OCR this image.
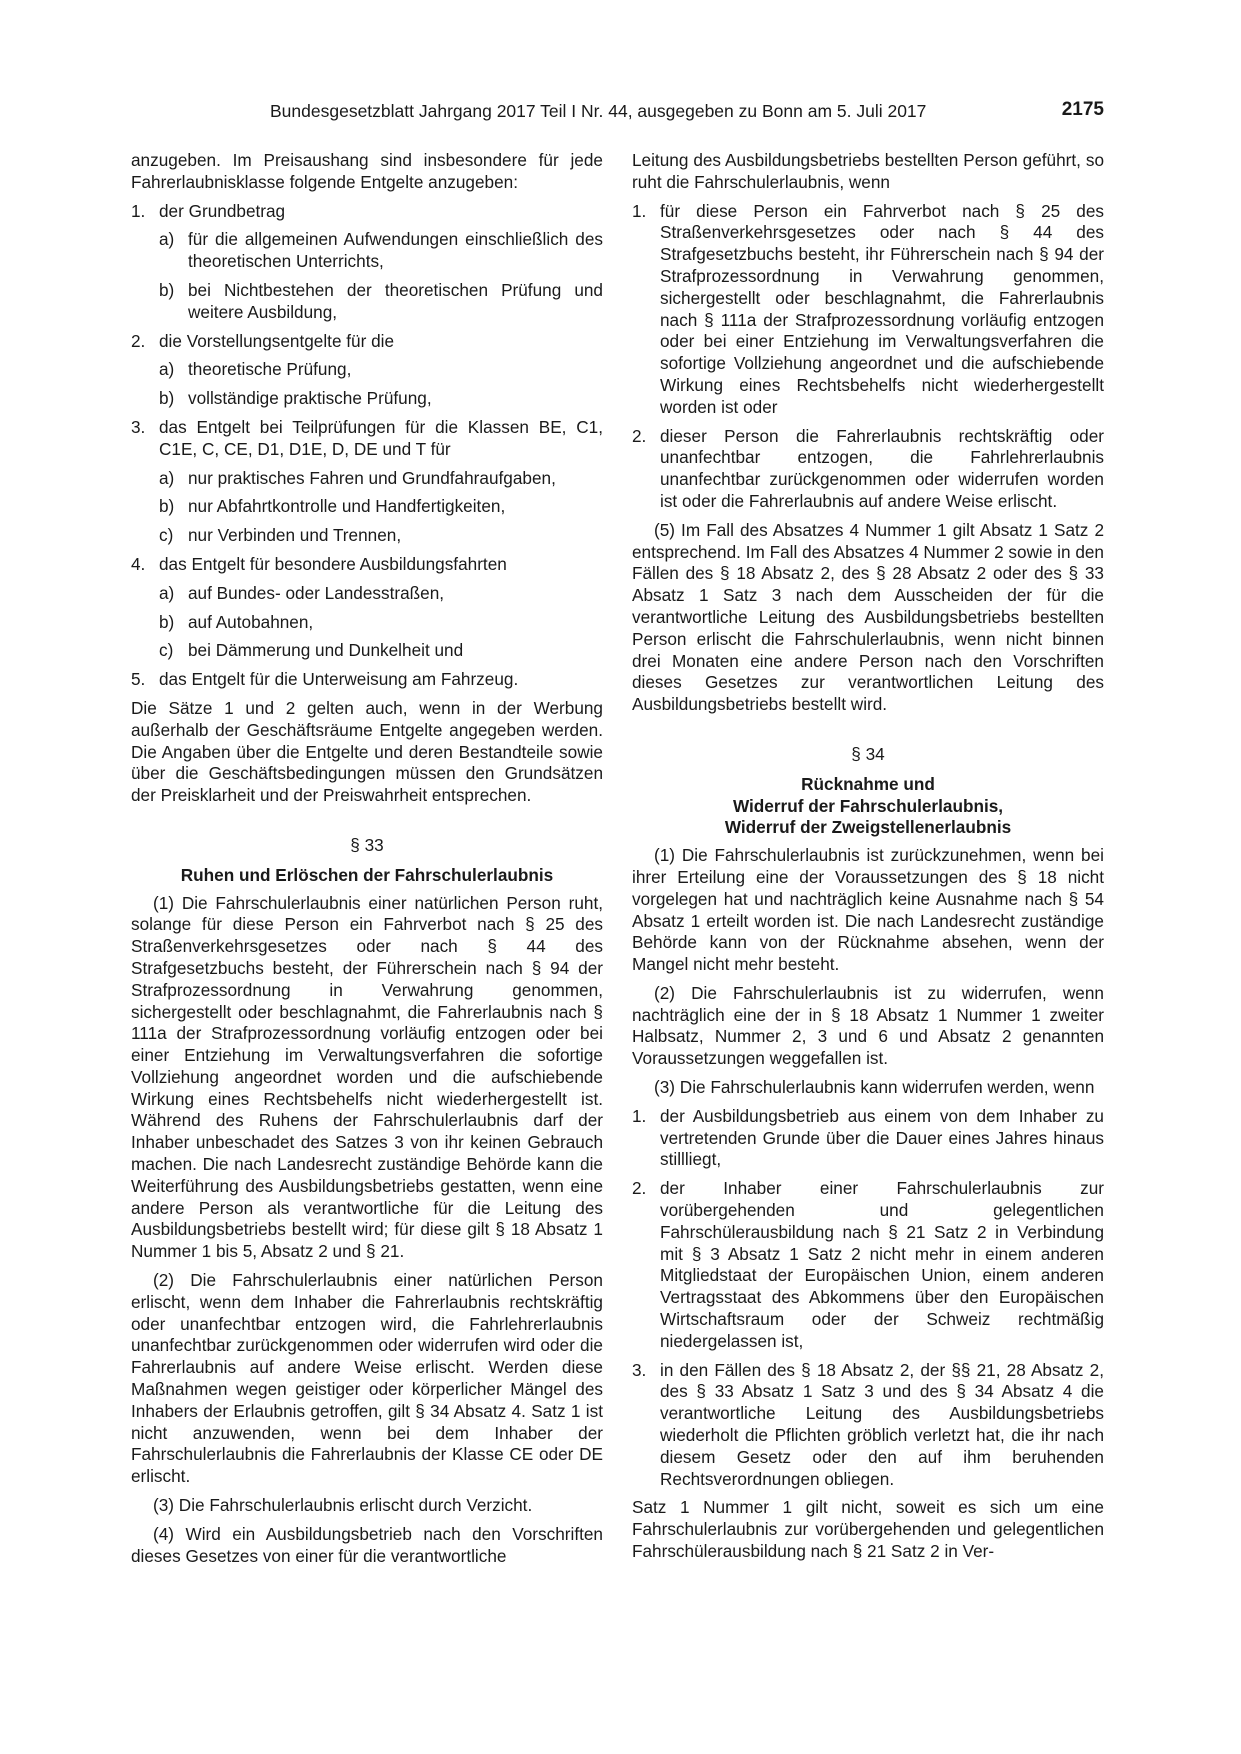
Bundesgesetzblatt Jahrgang 2017 Teil I Nr. 44, ausgegeben zu Bonn am 5. Juli 2017	2175

anzugeben. Im Preisaushang sind insbesondere für jede Fahrerlaubnisklasse folgende Entgelte anzugeben:

1. der Grundbetrag
a) für die allgemeinen Aufwendungen einschließlich des theoretischen Unterrichts,
b) bei Nichtbestehen der theoretischen Prüfung und weitere Ausbildung,
2. die Vorstellungsentgelte für die
a) theoretische Prüfung,
b) vollständige praktische Prüfung,
3. das Entgelt bei Teilprüfungen für die Klassen BE, C1, C1E, C, CE, D1, D1E, D, DE und T für
a) nur praktisches Fahren und Grundfahraufgaben,
b) nur Abfahrtkontrolle und Handfertigkeiten,
c) nur Verbinden und Trennen,
4. das Entgelt für besondere Ausbildungsfahrten
a) auf Bundes- oder Landesstraßen,
b) auf Autobahnen,
c) bei Dämmerung und Dunkelheit und
5. das Entgelt für die Unterweisung am Fahrzeug.

Die Sätze 1 und 2 gelten auch, wenn in der Werbung außerhalb der Geschäftsräume Entgelte angegeben werden. Die Angaben über die Entgelte und deren Bestandteile sowie über die Geschäftsbedingungen müssen den Grundsätzen der Preisklarheit und der Preiswahrheit entsprechen.

§ 33
Ruhen und Erlöschen der Fahrschulerlaubnis

(1) Die Fahrschulerlaubnis einer natürlichen Person ruht, solange für diese Person ein Fahrverbot nach § 25 des Straßenverkehrsgesetzes oder nach § 44 des Strafgesetzbuchs besteht, der Führerschein nach § 94 der Strafprozessordnung in Verwahrung genommen, sichergestellt oder beschlagnahmt, die Fahrerlaubnis nach § 111a der Strafprozessordnung vorläufig entzogen oder bei einer Entziehung im Verwaltungsverfahren die sofortige Vollziehung angeordnet worden und die aufschiebende Wirkung eines Rechtsbehelfs nicht wiederhergestellt ist. Während des Ruhens der Fahrschulerlaubnis darf der Inhaber unbeschadet des Satzes 3 von ihr keinen Gebrauch machen. Die nach Landesrecht zuständige Behörde kann die Weiterführung des Ausbildungsbetriebs gestatten, wenn eine andere Person als verantwortliche für die Leitung des Ausbildungsbetriebs bestellt wird; für diese gilt § 18 Absatz 1 Nummer 1 bis 5, Absatz 2 und § 21.

(2) Die Fahrschulerlaubnis einer natürlichen Person erlischt, wenn dem Inhaber die Fahrerlaubnis rechtskräftig oder unanfechtbar entzogen wird, die Fahrlehrerlaubnis unanfechtbar zurückgenommen oder widerrufen wird oder die Fahrerlaubnis auf andere Weise erlischt. Werden diese Maßnahmen wegen geistiger oder körperlicher Mängel des Inhabers der Erlaubnis getroffen, gilt § 34 Absatz 4. Satz 1 ist nicht anzuwenden, wenn bei dem Inhaber der Fahrschulerlaubnis die Fahrerlaubnis der Klasse CE oder DE erlischt.

(3) Die Fahrschulerlaubnis erlischt durch Verzicht.

(4) Wird ein Ausbildungsbetrieb nach den Vorschriften dieses Gesetzes von einer für die verantwortliche

Leitung des Ausbildungsbetriebs bestellten Person geführt, so ruht die Fahrschulerlaubnis, wenn

1. für diese Person ein Fahrverbot nach § 25 des Straßenverkehrsgesetzes oder nach § 44 des Strafgesetzbuchs besteht, ihr Führerschein nach § 94 der Strafprozessordnung in Verwahrung genommen, sichergestellt oder beschlagnahmt, die Fahrerlaubnis nach § 111a der Strafprozessordnung vorläufig entzogen oder bei einer Entziehung im Verwaltungsverfahren die sofortige Vollziehung angeordnet und die aufschiebende Wirkung eines Rechtsbehelfs nicht wiederhergestellt worden ist oder
2. dieser Person die Fahrerlaubnis rechtskräftig oder unanfechtbar entzogen, die Fahrlehrerlaubnis unanfechtbar zurückgenommen oder widerrufen worden ist oder die Fahrerlaubnis auf andere Weise erlischt.

(5) Im Fall des Absatzes 4 Nummer 1 gilt Absatz 1 Satz 2 entsprechend. Im Fall des Absatzes 4 Nummer 2 sowie in den Fällen des § 18 Absatz 2, des § 28 Absatz 2 oder des § 33 Absatz 1 Satz 3 nach dem Ausscheiden der für die verantwortliche Leitung des Ausbildungsbetriebs bestellten Person erlischt die Fahrschulerlaubnis, wenn nicht binnen drei Monaten eine andere Person nach den Vorschriften dieses Gesetzes zur verantwortlichen Leitung des Ausbildungsbetriebs bestellt wird.

§ 34
Rücknahme und
Widerruf der Fahrschulerlaubnis,
Widerruf der Zweigstellenerlaubnis

(1) Die Fahrschulerlaubnis ist zurückzunehmen, wenn bei ihrer Erteilung eine der Voraussetzungen des § 18 nicht vorgelegen hat und nachträglich keine Ausnahme nach § 54 Absatz 1 erteilt worden ist. Die nach Landesrecht zuständige Behörde kann von der Rücknahme absehen, wenn der Mangel nicht mehr besteht.

(2) Die Fahrschulerlaubnis ist zu widerrufen, wenn nachträglich eine der in § 18 Absatz 1 Nummer 1 zweiter Halbsatz, Nummer 2, 3 und 6 und Absatz 2 genannten Voraussetzungen weggefallen ist.

(3) Die Fahrschulerlaubnis kann widerrufen werden, wenn

1. der Ausbildungsbetrieb aus einem von dem Inhaber zu vertretenden Grunde über die Dauer eines Jahres hinaus stillliegt,
2. der Inhaber einer Fahrschulerlaubnis zur vorübergehenden und gelegentlichen Fahrschülerausbildung nach § 21 Satz 2 in Verbindung mit § 3 Absatz 1 Satz 2 nicht mehr in einem anderen Mitgliedstaat der Europäischen Union, einem anderen Vertragsstaat des Abkommens über den Europäischen Wirtschaftsraum oder der Schweiz rechtmäßig niedergelassen ist,
3. in den Fällen des § 18 Absatz 2, der §§ 21, 28 Absatz 2, des § 33 Absatz 1 Satz 3 und des § 34 Absatz 4 die verantwortliche Leitung des Ausbildungsbetriebs wiederholt die Pflichten gröblich verletzt hat, die ihr nach diesem Gesetz oder den auf ihm beruhenden Rechtsverordnungen obliegen.

Satz 1 Nummer 1 gilt nicht, soweit es sich um eine Fahrschulerlaubnis zur vorübergehenden und gelegentlichen Fahrschülerausbildung nach § 21 Satz 2 in Ver-
